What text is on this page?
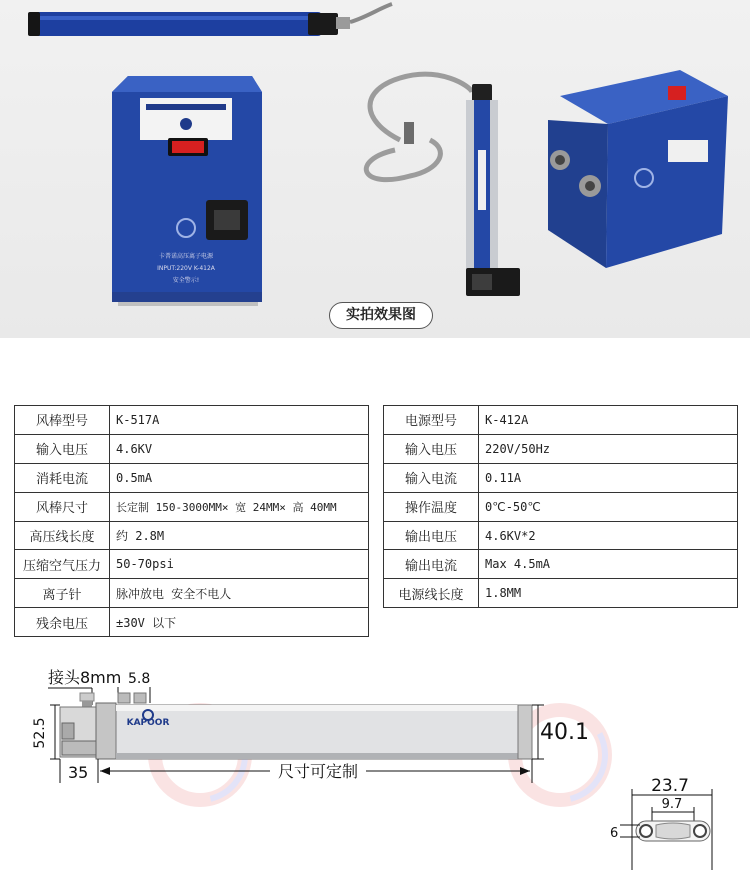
卡普诺高压离子电源
INPUT:220V K-412A
安全警示!
实拍效果图
风棒型号	K-517A
输入电压	4.6KV
消耗电流	0.5mA
风棒尺寸	长定制 150-3000MM× 宽 24MM× 高 40MM
高压线长度	约 2.8M
压缩空气压力	50-70psi
离子针	脉冲放电 安全不电人
残余电压	±30V 以下
电源型号	K-412A
输入电压	220V/50Hz
输入电流	0.11A
操作温度	0℃-50℃
输出电压	4.6KV*2
输出电流	Max 4.5mA
电源线长度	1.8MM
接头8mm 5.8
KAPOOR
52.5	40.1
35	尺寸可定制
23.7
9.7
6
